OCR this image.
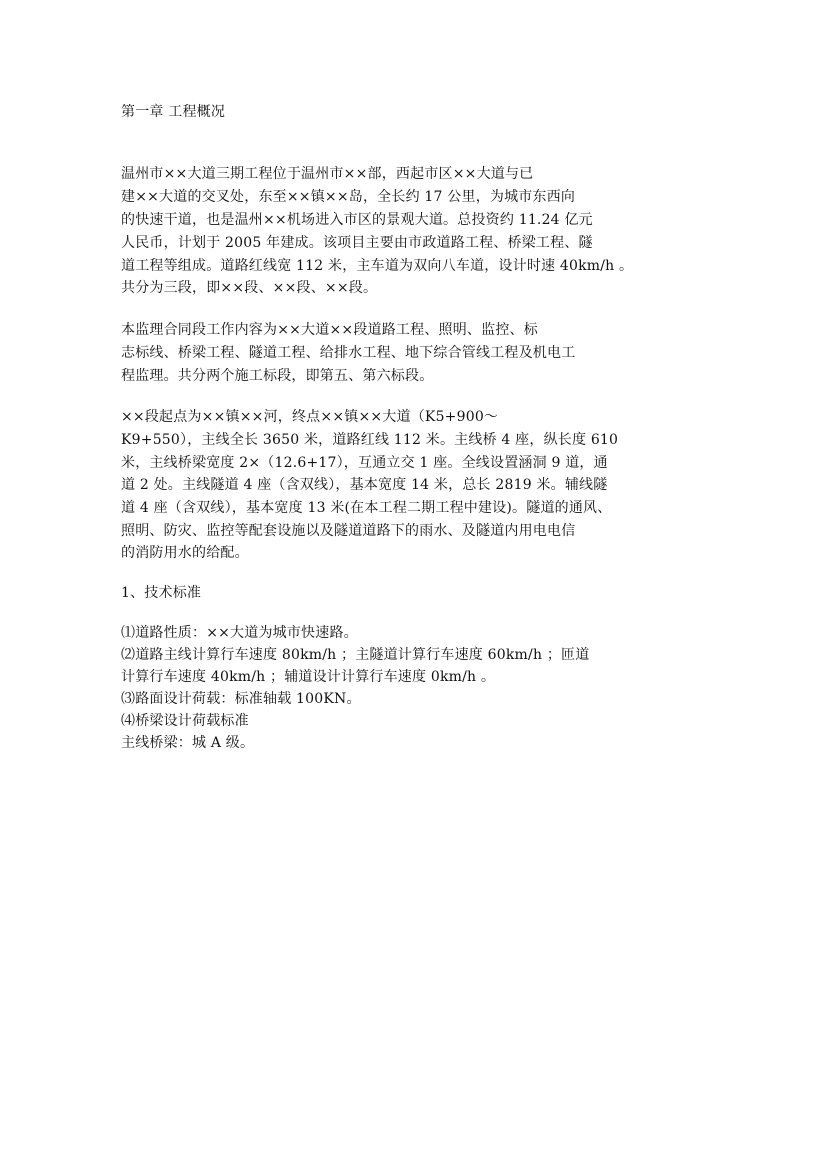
第一章 工程概况
温州市××大道三期工程位于温州市××部，西起市区××大道与已
建××大道的交叉处，东至××镇××岛，全长约 17 公里，为城市东西向
的快速干道，也是温州××机场进入市区的景观大道。总投资约 11.24 亿元
人民币，计划于 2005 年建成。该项目主要由市政道路工程、桥梁工程、隧
道工程等组成。道路红线宽 112 米，主车道为双向八车道，设计时速 40km/h 。
共分为三段，即××段、××段、××段。
本监理合同段工作内容为××大道××段道路工程、照明、监控、标
志标线、桥梁工程、隧道工程、给排水工程、地下综合管线工程及机电工
程监理。共分两个施工标段，即第五、第六标段。
××段起点为××镇××河，终点××镇××大道（K5+900～
K9+550），主线全长 3650 米，道路红线 112 米。主线桥 4 座，纵长度 610
米，主线桥梁宽度 2×（12.6+17），互通立交 1 座。全线设置涵洞 9 道，通
道 2 处。主线隧道 4 座（含双线），基本宽度 14 米，总长 2819 米。辅线隧
道 4 座（含双线），基本宽度 13 米(在本工程二期工程中建设)。隧道的通风、
照明、防灾、监控等配套设施以及隧道道路下的雨水、及隧道内用电电信
的消防用水的给配。
1、技术标准
⑴道路性质：××大道为城市快速路。
⑵道路主线计算行车速度 80km/h ；主隧道计算行车速度 60km/h ；匝道
计算行车速度 40km/h ；辅道设计计算行车速度 0km/h 。
⑶路面设计荷载：标准轴载 100KN。
⑷桥梁设计荷载标准
主线桥梁：城 A 级。
